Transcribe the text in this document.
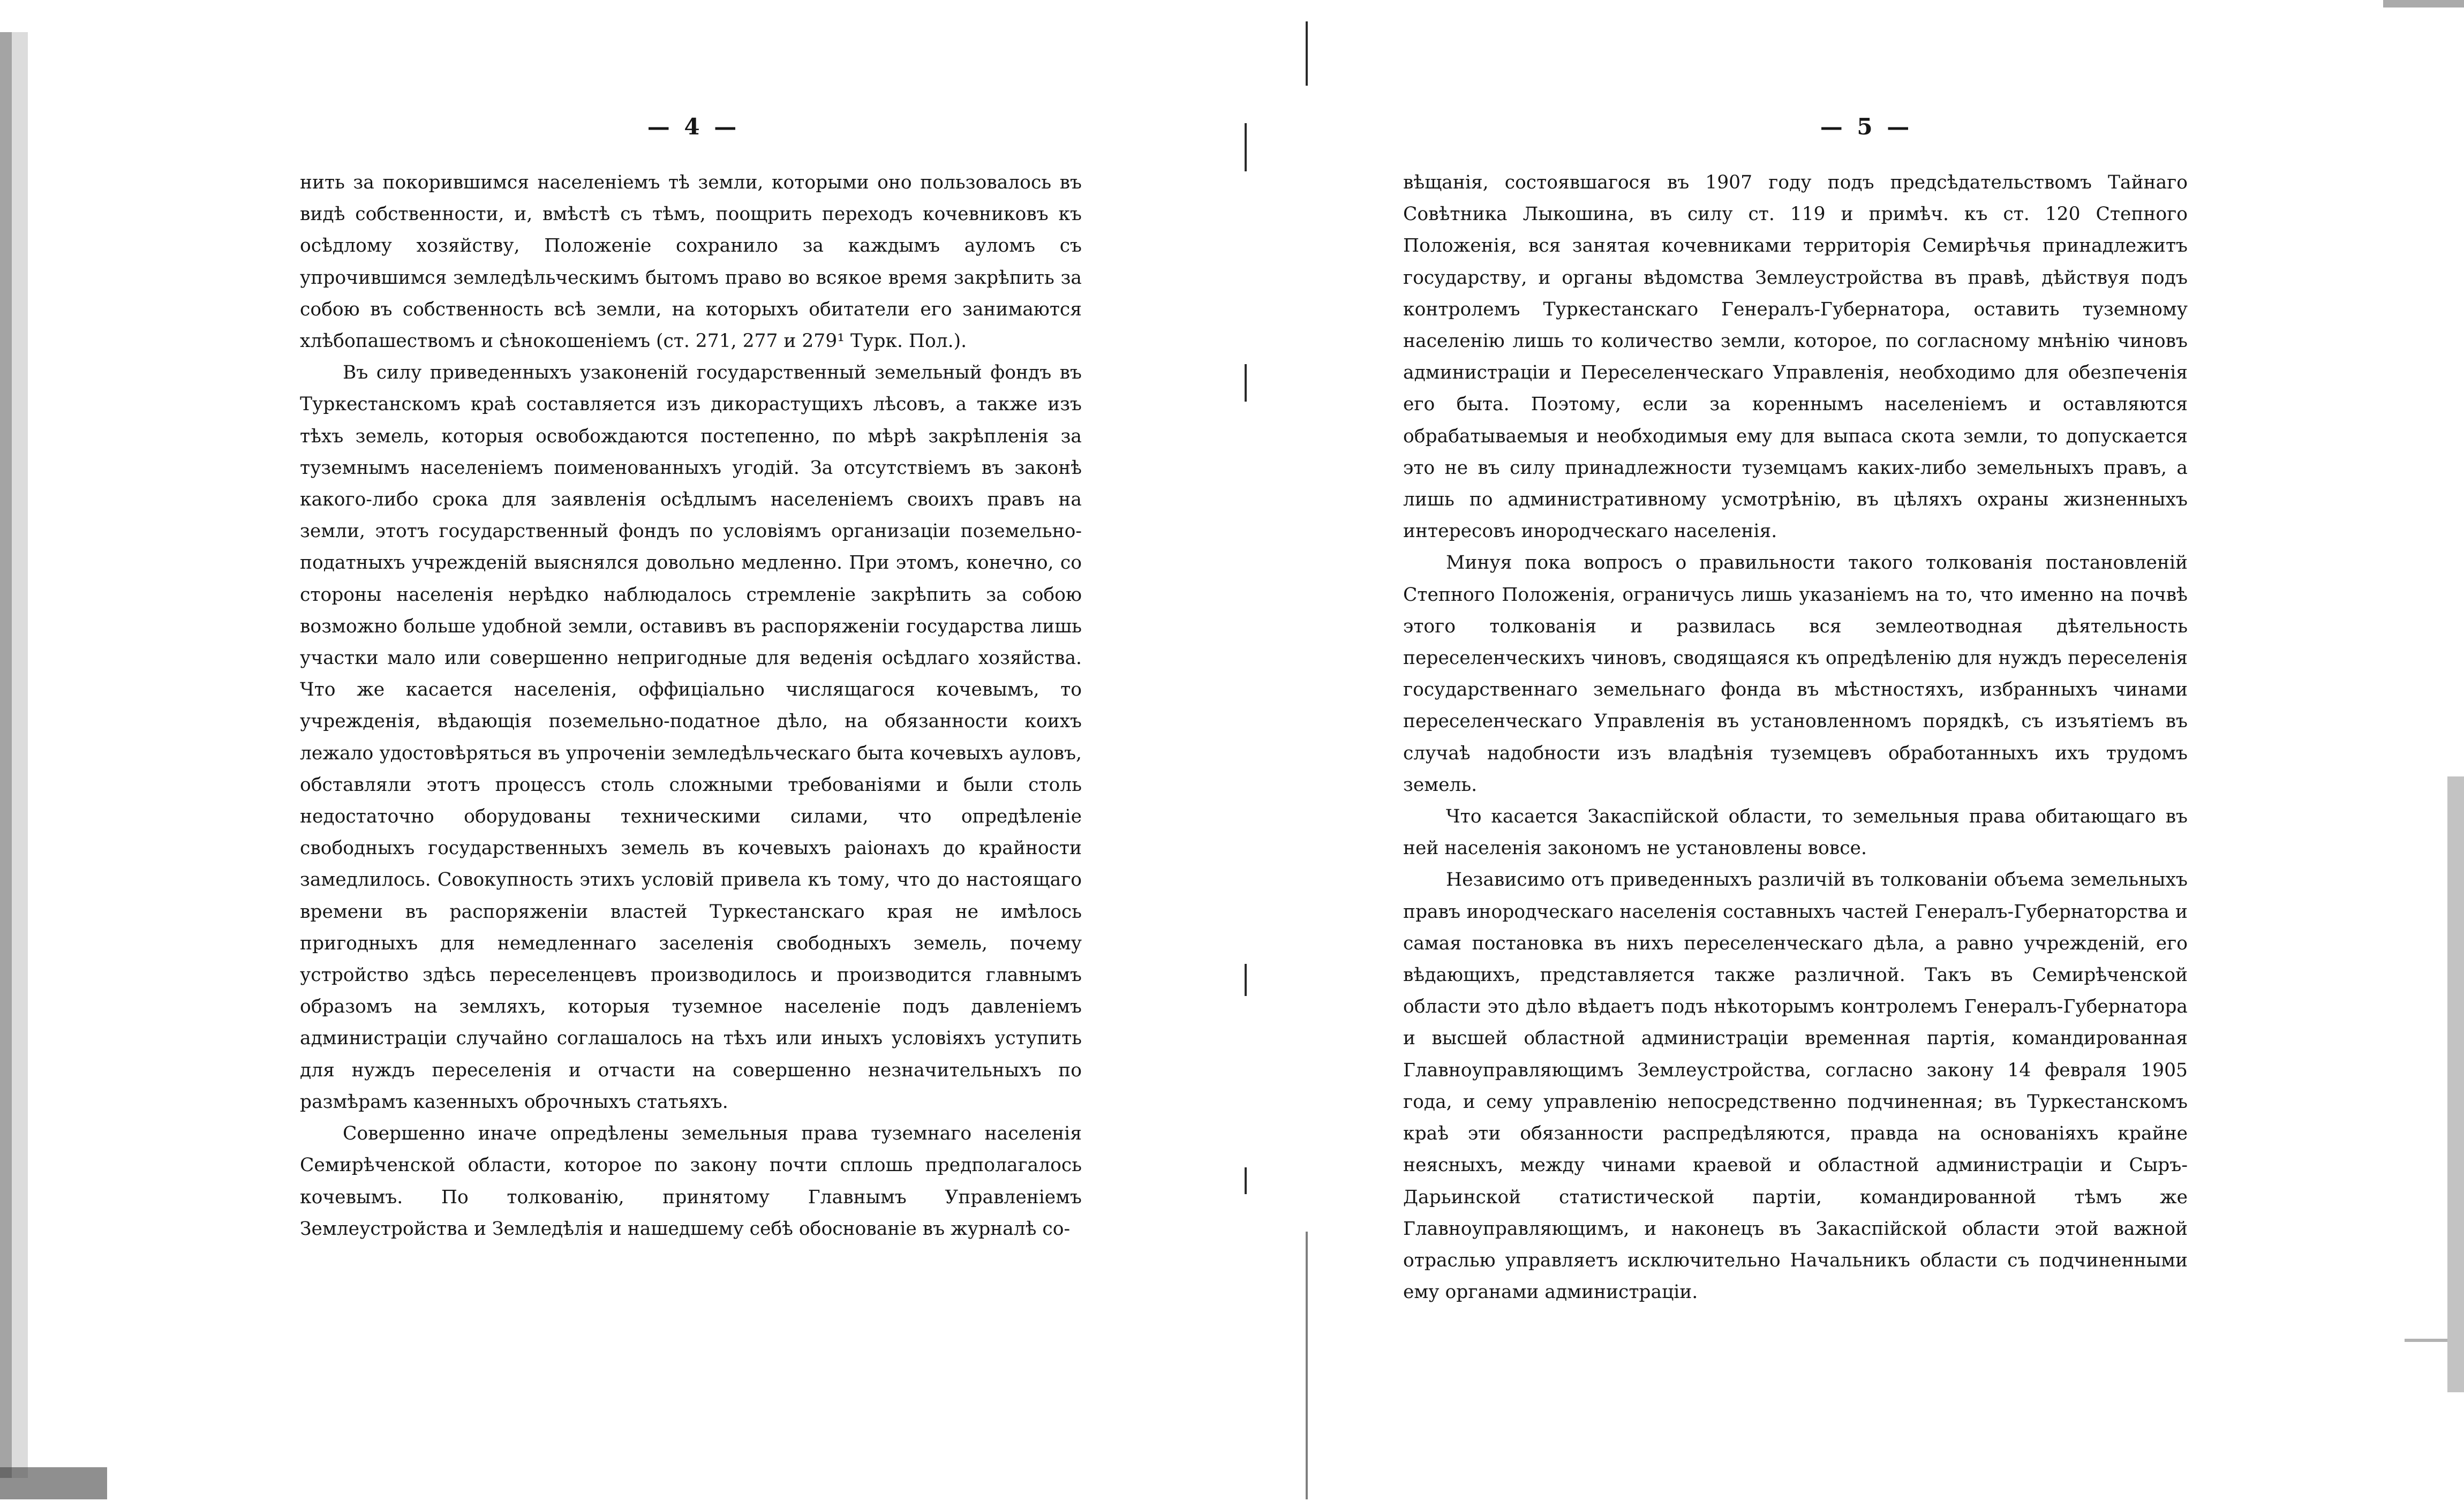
— 4 —

нить за покорившимся населеніемъ тѣ земли, которыми оно пользовалось въ видѣ собственности, и, вмѣстѣ съ тѣмъ, поощрить переходъ кочевниковъ къ осѣдлому хозяйству, Положеніе сохранило за каждымъ ауломъ съ упрочившимся земледѣльческимъ бытомъ право во всякое время закрѣпить за собою въ собственность всѣ земли, на которыхъ обитатели его занимаются хлѣбопашествомъ и сѣнокошеніемъ (ст. 271, 277 и 279¹ Турк. Пол.).

Въ силу приведенныхъ узаконеній государственный земельный фондъ въ Туркестанскомъ краѣ составляется изъ дикорастущихъ лѣсовъ, а также изъ тѣхъ земель, которыя освобождаются постепенно, по мѣрѣ закрѣпленія за туземнымъ населеніемъ поименованныхъ угодій. За отсутствіемъ въ законѣ какого-либо срока для заявленія осѣдлымъ населеніемъ своихъ правъ на земли, этотъ государственный фондъ по условіямъ организаціи поземельно-податныхъ учрежденій выяснялся довольно медленно. При этомъ, конечно, со стороны населенія нерѣдко наблюдалось стремленіе закрѣпить за собою возможно больше удобной земли, оставивъ въ распоряженіи государства лишь участки мало или совершенно непригодные для веденія осѣдлаго хозяйства. Что же касается населенія, оффиціально числящагося кочевымъ, то учрежденія, вѣдающія поземельно-податное дѣло, на обязанности коихъ лежало удостовѣряться въ упроченіи земледѣльческаго быта кочевыхъ ауловъ, обставляли этотъ процессъ столь сложными требованіями и были столь недостаточно оборудованы техническими силами, что опредѣленіе свободныхъ государственныхъ земель въ кочевыхъ раіонахъ до крайности замедлилось. Совокупность этихъ условій привела къ тому, что до настоящаго времени въ распоряженіи властей Туркестанскаго края не имѣлось пригодныхъ для немедленнаго заселенія свободныхъ земель, почему устройство здѣсь переселенцевъ производилось и производится главнымъ образомъ на земляхъ, которыя туземное населеніе подъ давленіемъ администраціи случайно соглашалось на тѣхъ или иныхъ условіяхъ уступить для нуждъ переселенія и отчасти на совершенно незначительныхъ по размѣрамъ казенныхъ оброчныхъ статьяхъ.

Совершенно иначе опредѣлены земельныя права туземнаго населенія Семирѣченской области, которое по закону почти сплошь предполагалось кочевымъ. По толкованію, принятому Главнымъ Управленіемъ Землеустройства и Земледѣлія и нашедшему себѣ обоснованіе въ журналѣ со-

— 5 —

вѣщанія, состоявшагося въ 1907 году подъ предсѣдательствомъ Тайнаго Совѣтника Лыкошина, въ силу ст. 119 и примѣч. къ ст. 120 Степного Положенія, вся занятая кочевниками территорія Семирѣчья принадлежитъ государству, и органы вѣдомства Землеустройства въ правѣ, дѣйствуя подъ контролемъ Туркестанскаго Генералъ-Губернатора, оставить туземному населенію лишь то количество земли, которое, по согласному мнѣнію чиновъ администраціи и Переселенческаго Управленія, необходимо для обезпеченія его быта. Поэтому, если за кореннымъ населеніемъ и оставляются обрабатываемыя и необходимыя ему для выпаса скота земли, то допускается это не въ силу принадлежности туземцамъ каких-либо земельныхъ правъ, а лишь по административному усмотрѣнію, въ цѣляхъ охраны жизненныхъ интересовъ инородческаго населенія.

Минуя пока вопросъ о правильности такого толкованія постановленій Степного Положенія, ограничусь лишь указаніемъ на то, что именно на почвѣ этого толкованія и развилась вся землеотводная дѣятельность переселенческихъ чиновъ, сводящаяся къ опредѣленію для нуждъ переселенія государственнаго земельнаго фонда въ мѣстностяхъ, избранныхъ чинами переселенческаго Управленія въ установленномъ порядкѣ, съ изъятіемъ въ случаѣ надобности изъ владѣнія туземцевъ обработанныхъ ихъ трудомъ земель.

Что касается Закаспійской области, то земельныя права обитающаго въ ней населенія закономъ не установлены вовсе.

Независимо отъ приведенныхъ различій въ толкованіи объема земельныхъ правъ инородческаго населенія составныхъ частей Генералъ-Губернаторства и самая постановка въ нихъ переселенческаго дѣла, а равно учрежденій, его вѣдающихъ, представляется также различной. Такъ въ Семирѣченской области это дѣло вѣдаетъ подъ нѣкоторымъ контролемъ Генералъ-Губернатора и высшей областной администраціи временная партія, командированная Главноуправляющимъ Землеустройства, согласно закону 14 февраля 1905 года, и сему управленію непосредственно подчиненная; въ Туркестанскомъ краѣ эти обязанности распредѣляются, правда на основаніяхъ крайне неясныхъ, между чинами краевой и областной администраціи и Сыръ-Дарьинской статистической партіи, командированной тѣмъ же Главноуправляющимъ, и наконецъ въ Закаспійской области этой важной отраслью управляетъ исключительно Начальникъ области съ подчиненными ему органами администраціи.
